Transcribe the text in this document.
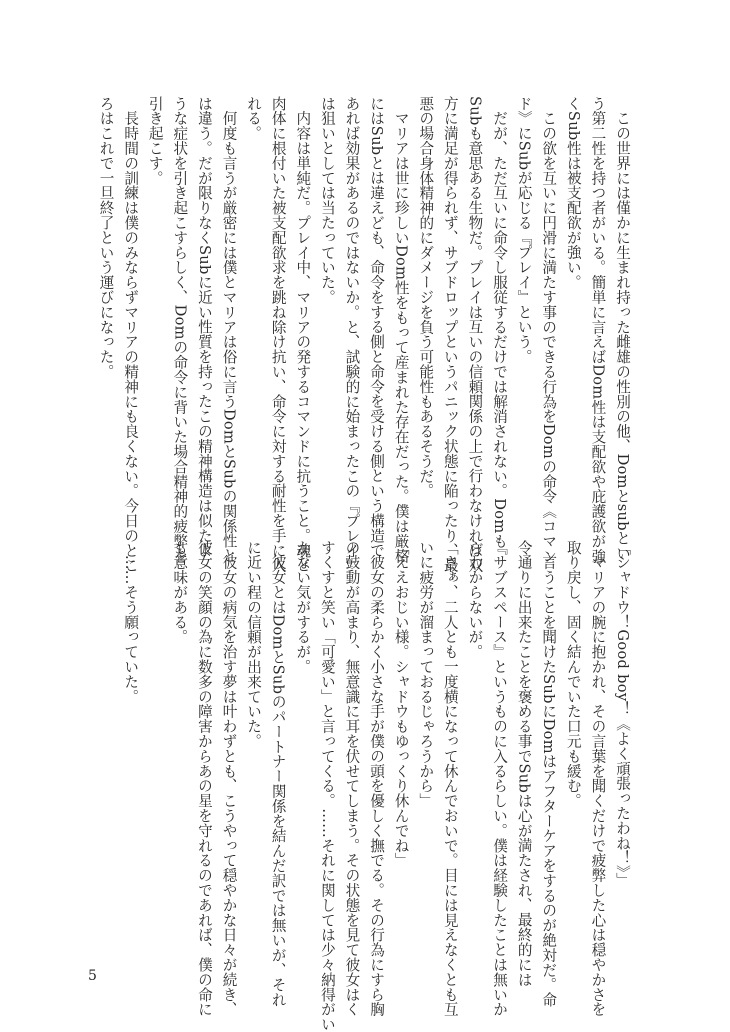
　この世界には僅かに生まれ持った雌雄の性別の他、Domとsubとい
う第二性を持つ者がいる。簡単に言えばDom性は支配欲や庇護欲が強
くSub性は被支配欲が強い。
　この欲を互いに円滑に満たす事のできる行為をDomの命令《コマン
ド》にSubが応じる『プレイ』という。
　だが、ただ互いに命令し服従するだけでは解消されない。Domも
Subも意思ある生物だ。プレイは互いの信頼関係の上で行わなければ双
方に満足が得られず、サブドロップというパニック状態に陥ったり、最
悪の場合身体精神的にダメージを負う可能性もあるそうだ。
　マリアは世に珍しいDom性をもって産まれた存在だった。僕は厳格
にはSubとは違えども、命令をする側と命令を受ける側という構造で
あれば効果があるのではないか。と、試験的に始まったこの『プレイ』
は狙いとしては当たっていた。
　内容は単純だ。プレイ中、マリアの発するコマンドに抗うこと。魂と
肉体に根付いた被支配欲求を跳ね除け抗い、命令に対する耐性を手に入
れる。
　何度も言うが厳密には僕とマリアは俗に言うDomとSubの関係性と
は違う。だが限りなくSubに近い性質を持ったこの精神構造は似たよ
うな症状を引き起こすらしく、Domの命令に背いた場合精神的疲弊を
引き起こす。
　長時間の訓練は僕のみならずマリアの精神にも良くない。今日のとこ
ろはこれで一旦終了という運びになった。
「シャドウ！Good boy！《よく頑張ったわね！》」
　マリアの腕に抱かれ、その言葉を聞くだけで疲弊した心は穏やかさを
取り戻し、固く結んでいた口元も緩む。
　言うことを聞けたSubにDomはアフターケアをするのが絶対だ。命
令通りに出来たことを褒める事でSubは心が満たされ、最終的には
『サブスペース』というものに入るらしい。僕は経験したことは無いか
らわからないが。
「さぁ、二人とも一度横になって休んでおいで。目には見えなくとも互
いに疲労が溜まっておるじゃろうから」
「ええおじい様。シャドウもゆっくり休んでね」
　彼女の柔らかく小さな手が僕の頭を優しく撫でる。その行為にすら胸
の鼓動が高まり、無意識に耳を伏せてしまう。その状態を見て彼女はく
すくすと笑い「可愛い」と言ってくる。……それに関しては少々納得がい
かない気がするが。
　彼女とはDomとSubのパートナー関係を結んだ訳では無いが、それ
に近い程の信頼が出来ていた。
　彼女の病気を治す夢は叶わずとも、こうやって穏やかな日々が続き、
彼女の笑顔の為に数多の障害からあの星を守れるのであれば、僕の命に
も意味がある。

　……そう願っていた。
5
